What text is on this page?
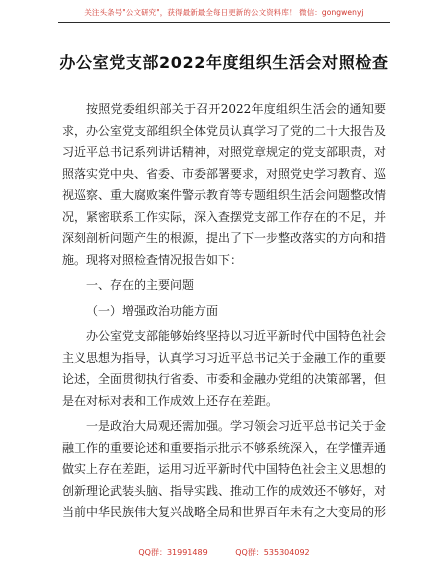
关注头条号"公文研究"，获得最新最全每日更新的公文资料库！ 微信：gongwenyj
办公室党支部2022年度组织生活会对照检查

按照党委组织部关于召开2022年度组织生活会的通知要求，办公室党支部组织全体党员认真学习了党的二十大报告及习近平总书记系列讲话精神，对照党章规定的党支部职责，对照落实党中央、省委、市委部署要求，对照党史学习教育、巡视巡察、重大腐败案件警示教育等专题组织生活会问题整改情况，紧密联系工作实际，深入查摆党支部工作存在的不足，并深刻剖析问题产生的根源，提出了下一步整改落实的方向和措施。现将对照检查情况报告如下：

一、存在的主要问题

（一）增强政治功能方面

办公室党支部能够始终坚持以习近平新时代中国特色社会主义思想为指导，认真学习习近平总书记关于金融工作的重要论述，全面贯彻执行省委、市委和金融办党组的决策部署，但是在对标对表和工作成效上还存在差距。

一是政治大局观还需加强。学习领会习近平总书记关于金融工作的重要论述和重要指示批示不够系统深入，在学懂弄通做实上存在差距，运用习近平新时代中国特色社会主义思想的创新理论武装头脑、指导实践、推动工作的成效还不够好，对当前中华民族伟大复兴战略全局和世界百年未有之大变局的形

QQ群：31991489	QQ群：535304092
